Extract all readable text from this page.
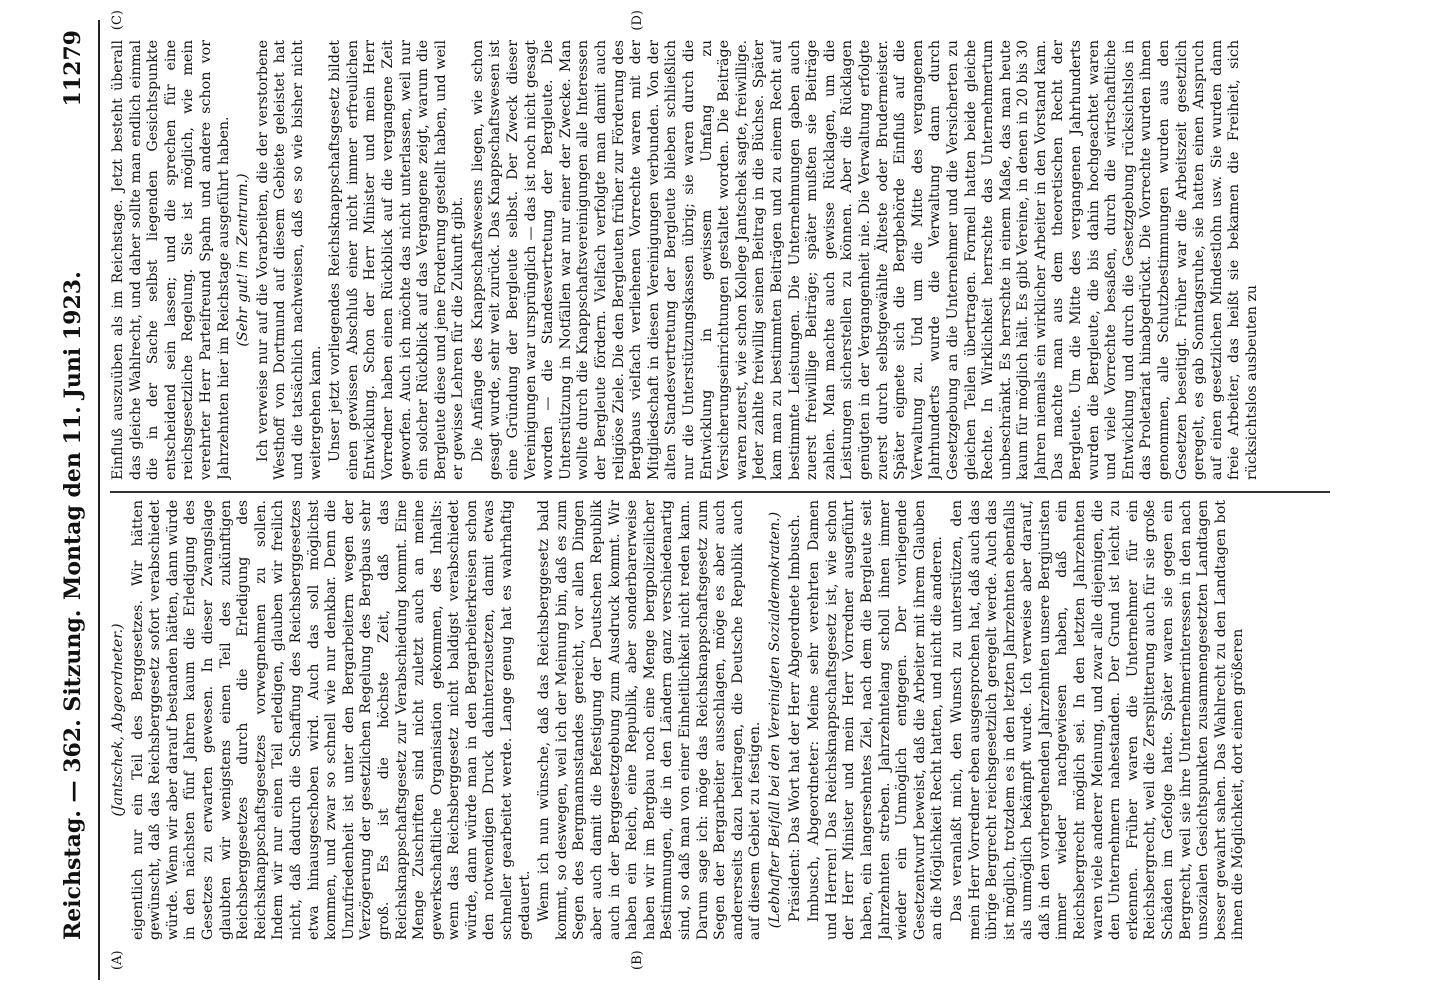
Reichstag. — 362. Sitzung.
Montag den 11. Juni 1923.
11279
(A)	(B)
(C)	(D)

(Jantschek, Abgeordneter.) eigentlich nur ein Teil des Berggesetzes. Wir hätten gewünscht, daß das Reichsberggesetz sofort verabschiedet würde. Wenn wir aber darauf bestanden hätten, dann würde in den nächsten fünf Jahren kaum die Erledigung des Gesetzes zu erwarten gewesen. In dieser Zwangslage glaubten wir wenigstens einen Teil des zukünftigen Reichsberggesetzes durch die Erledigung des Reichsknappschaftsgesetzes vorwegnehmen zu sollen. Indem wir nur einen Teil erledigen, glauben wir freilich nicht, daß dadurch die Schaffung des Reichsberggesetzes etwa hinausgeschoben wird. Auch das soll möglichst kommen, und zwar so schnell wie nur denkbar. Denn die Unzufriedenheit ist unter den Bergarbeitern wegen der Verzögerung der gesetzlichen Regelung des Bergbaus sehr groß. Es ist die höchste Zeit, daß das Reichsknappschaftsgesetz zur Verabschiedung kommt. Eine Menge Zuschriften sind nicht zuletzt auch an meine gewerkschaftliche Organisation gekommen, des Inhalts: wenn das Reichsberggesetz nicht baldigst verabschiedet würde, dann würde man in den Bergarbeiterkreisen schon den notwendigen Druck dahinterzusetzen, damit etwas schneller gearbeitet werde. Lange genug hat es wahrhaftig gedauert. Wenn ich nun wünsche, daß das Reichsberggesetz bald kommt, so deswegen, weil ich der Meinung bin, daß es zum Segen des Bergmannsstandes gereicht, vor allen Dingen aber auch damit die Befestigung der Deutschen Republik auch in der Berggesetzgebung zum Ausdruck kommt. Wir haben ein Reich, eine Republik, aber sonderbarerweise haben wir im Bergbau noch eine Menge bergpolizeilicher Bestimmungen, die in den Ländern ganz verschiedenartig sind, so daß man von einer Einheitlichkeit nicht reden kann. Darum sage ich: möge das Reichsknappschaftsgesetz zum Segen der Bergarbeiter ausschlagen, möge es aber auch andererseits dazu beitragen, die Deutsche Republik auch auf diesem Gebiet zu festigen. (Lebhafter Beifall bei den Vereinigten Sozialdemokraten.) Präsident: Das Wort hat der Herr Abgeordnete Imbusch. Imbusch, Abgeordneter: Meine sehr verehrten Damen und Herren! Das Reichsknappschaftsgesetz ist, wie schon der Herr Minister und mein Herr Vorredner ausgeführt haben, ein langersehntes Ziel, nach dem die Bergleute seit Jahrzehnten streben. Jahrzehntelang scholl ihnen immer wieder ein Unmöglich entgegen. Der vorliegende Gesetzentwurf beweist, daß die Arbeiter mit ihrem Glauben an die Möglichkeit Recht hatten, und nicht die anderen. Das veranlaßt mich, den Wunsch zu unterstützen, den mein Herr Vorredner eben ausgesprochen hat, daß auch das übrige Bergrecht reichsgesetzlich geregelt werde. Auch das ist möglich, trotzdem es in den letzten Jahrzehnten ebenfalls als unmöglich bekämpft wurde. Ich verweise aber darauf, daß in den vorhergehenden Jahrzehnten unsere Bergjuristen immer wieder nachgewiesen haben, daß ein Reichsbergrecht möglich sei. In den letzten Jahrzehnten waren viele anderer Meinung, und zwar alle diejenigen, die den Unternehmern nahestanden. Der Grund ist leicht zu erkennen. Früher waren die Unternehmer für ein Reichsbergrecht, weil die Zersplitterung auch für sie große Schäden im Gefolge hatte. Später waren sie gegen ein Bergrecht, weil sie ihre Unternehmerinteressen in den nach unsozialen Gesichtspunkten zusammengesetzten Landtagen besser gewahrt sahen. Das Wahlrecht zu den Landtagen bot ihnen die Möglichkeit, dort einen größeren

Einfluß auszuüben als im Reichstage. Jetzt besteht überall das gleiche Wahlrecht, und daher sollte man endlich einmal die in der Sache selbst liegenden Gesichtspunkte entscheidend sein lassen; und die sprechen für eine reichsgesetzliche Regelung. Sie ist möglich, wie mein verehrter Herr Parteifreund Spahn und andere schon vor Jahrzehnten hier im Reichstage ausgeführt haben. (Sehr gut! im Zentrum.) Ich verweise nur auf die Vorarbeiten, die der verstorbene Westhoff von Dortmund auf diesem Gebiete geleistet hat und die tatsächlich nachweisen, daß es so wie bisher nicht weitergehen kann. Unser jetzt vorliegendes Reichsknappschaftsgesetz bildet einen gewissen Abschluß einer nicht immer erfreulichen Entwicklung. Schon der Herr Minister und mein Herr Vorredner haben einen Rückblick auf die vergangene Zeit geworfen. Auch ich möchte das nicht unterlassen, weil nur ein solcher Rückblick auf das Vergangene zeigt, warum die Bergleute diese und jene Forderung gestellt haben, und weil er gewisse Lehren für die Zukunft gibt. Die Anfänge des Knappschaftswesens liegen, wie schon gesagt wurde, sehr weit zurück. Das Knappschaftswesen ist eine Gründung der Bergleute selbst. Der Zweck dieser Vereinigungen war ursprünglich — das ist noch nicht gesagt worden — die Standesvertretung der Bergleute. Die Unterstützung in Notfällen war nur einer der Zwecke. Man wollte durch die Knappschaftsvereinigungen alle Interessen der Bergleute fördern. Vielfach verfolgte man damit auch religiöse Ziele. Die den Bergleuten früher zur Förderung des Bergbaus vielfach verliehenen Vorrechte waren mit der Mitgliedschaft in diesen Vereinigungen verbunden. Von der alten Standesvertretung der Bergleute blieben schließlich nur die Unterstützungskassen übrig; sie waren durch die Entwicklung in gewissem Umfang zu Versicherungseinrichtungen gestaltet worden. Die Beiträge waren zuerst, wie schon Kollege Jantschek sagte, freiwillige. Jeder zahlte freiwillig seinen Beitrag in die Büchse. Später kam man zu bestimmten Beiträgen und zu einem Recht auf bestimmte Leistungen. Die Unternehmungen gaben auch zuerst freiwillige Beiträge; später mußten sie Beiträge zahlen. Man machte auch gewisse Rücklagen, um die Leistungen sicherstellen zu können. Aber die Rücklagen genügten in der Vergangenheit nie. Die Verwaltung erfolgte zuerst durch selbstgewählte Älteste oder Brudermeister. Später eignete sich die Bergbehörde Einfluß auf die Verwaltung zu. Und um die Mitte des vergangenen Jahrhunderts wurde die Verwaltung dann durch Gesetzgebung an die Unternehmer und die Versicherten zu gleichen Teilen übertragen. Formell hatten beide gleiche Rechte. In Wirklichkeit herrschte das Unternehmertum unbeschränkt. Es herrschte in einem Maße, das man heute kaum für möglich hält. Es gibt Vereine, in denen in 20 bis 30 Jahren niemals ein wirklicher Arbeiter in den Vorstand kam. Das machte man aus dem theoretischen Recht der Bergleute. Um die Mitte des vergangenen Jahrhunderts wurden die Bergleute, die bis dahin hochgeachtet waren und viele Vorrechte besaßen, durch die wirtschaftliche Entwicklung und durch die Gesetzgebung rücksichtslos in das Proletariat hinabgedrückt. Die Vorrechte wurden ihnen genommen, alle Schutzbestimmungen wurden aus den Gesetzen beseitigt. Früher war die Arbeitszeit gesetzlich geregelt, es gab Sonntagsruhe, sie hatten einen Anspruch auf einen gesetzlichen Mindestlohn usw. Sie wurden dann freie Arbeiter, das heißt sie bekamen die Freiheit, sich rücksichtslos ausbeuten zu
